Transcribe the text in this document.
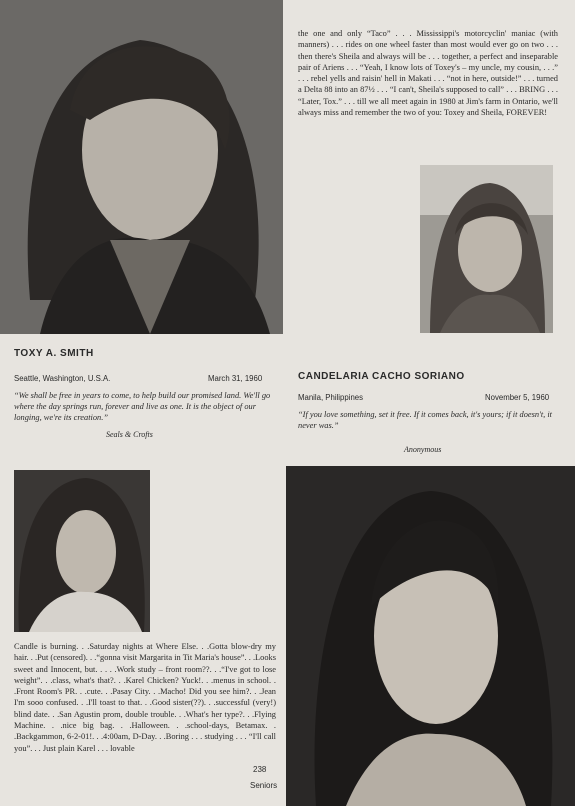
the one and only “Taco” . . . Mississippi's motorcyclin' maniac (with manners) . . . rides on one wheel faster than most would ever go on two . . . then there's Sheila and always will be . . . together, a perfect and inseparable pair of Ariens . . . “Yeah, I know lots of Toxey's – my uncle, my cousin, . . .” . . . rebel yells and raisin' hell in Makati . . . “not in here, outside!” . . . turned a Delta 88 into an 87½ . . . “I can't, Sheila's supposed to call” . . . BRING . . . “Later, Tox.” . . . till we all meet again in 1980 at Jim's farm in Ontario, we'll always miss and remember the two of you: Toxey and Sheila, FOREVER!

TOXY A. SMITH
Seattle, Washington, U.S.A.	March 31, 1960

“We shall be free in years to come, to help build our promised land. We'll go where the day springs run, forever and live as one. It is the object of our longing, we're its creation.”

Seals & Crofts
CANDELARIA CACHO SORIANO
Manila, Philippines	November 5, 1960

“If you love something, set it free. If it comes back, it's yours; if it doesn't, it never was.”

Anonymous

Candle is burning. . .Saturday nights at Where Else. . .Gotta blow-dry my hair. . .Put (censored). . .“gonna visit Margarita in Tit Maria's house”. . .Looks sweet and Innocent, but. . . . .Work study – front room??. . .“I've got to lose weight”. . .class, what's that?. . .Karel Chicken? Yuck!. . .menus in school. . .Front Room's PR. . .cute. . .Pasay City. . .Macho! Did you see him?. . .Jean I'm sooo confused. . .I'll toast to that. . .Good sister(??). . .successful (very!) blind date. . .San Agustin prom, double trouble. . .What's her type?. . .Flying Machine. . .nice big bag. . .Halloween. . .school-days, Betamax. . .Backgammon, 6-2-01!. . .4:00am, D-Day. . .Boring . . . studying . . . “I'll call you”. . . Just plain Karel . . . lovable

238
Seniors
